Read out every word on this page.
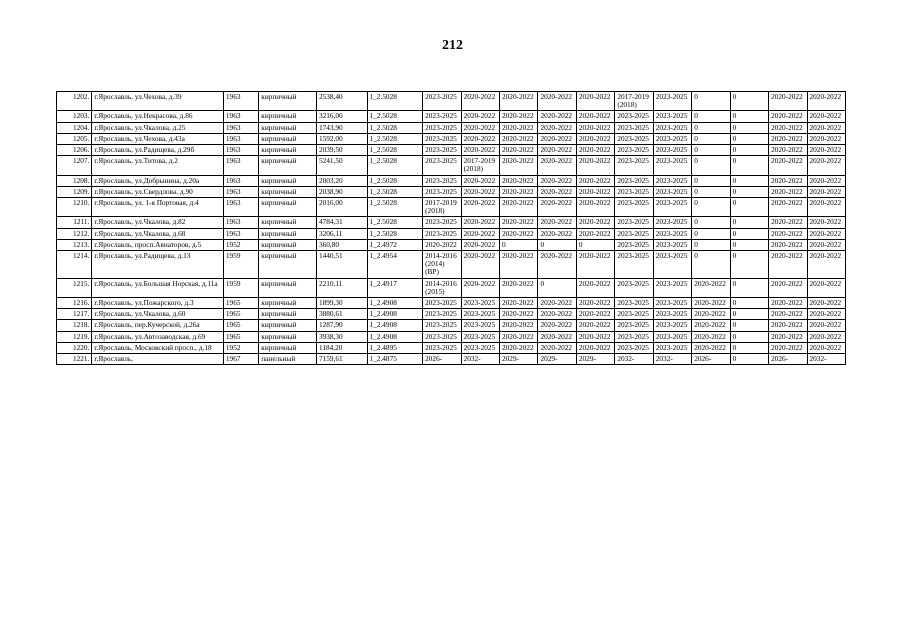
212
1202.	г.Ярославль, ул.Чехова, д.39	1963	кирпичный	2538,40	1_2.5028	2023-2025	2020-2022	2020-2022	2020-2022	2020-2022	2017-2019 (2018)	2023-2025	0	0	2020-2022	2020-2022
1203.	г.Ярославль, ул.Некрасова, д.86	1963	кирпичный	3216,00	1_2.5028	2023-2025	2020-2022	2020-2022	2020-2022	2020-2022	2023-2025	2023-2025	0	0	2020-2022	2020-2022
1204.	г.Ярославль, ул.Чкалова, д.25	1963	кирпичный	1743,90	1_2.5028	2023-2025	2020-2022	2020-2022	2020-2022	2020-2022	2023-2025	2023-2025	0	0	2020-2022	2020-2022
1205.	г.Ярославль, ул.Чехова, д.43а	1963	кирпичный	1592,00	1_2.5028	2023-2025	2020-2022	2020-2022	2020-2022	2020-2022	2023-2025	2023-2025	0	0	2020-2022	2020-2022
1206.	г.Ярославль, ул.Радищева, д.29б	1963	кирпичный	2039,50	1_2.5028	2023-2025	2020-2022	2020-2022	2020-2022	2020-2022	2023-2025	2023-2025	0	0	2020-2022	2020-2022
1207.	г.Ярославль, ул.Титова, д.2	1963	кирпичный	5241,50	1_2.5028	2023-2025	2017-2019 (2018)	2020-2022	2020-2022	2020-2022	2023-2025	2023-2025	0	0	2020-2022	2020-2022
1208.	г.Ярославль, ул.Добрынина, д.20а	1963	кирпичный	2003,20	1_2.5028	2023-2025	2020-2022	2020-2022	2020-2022	2020-2022	2023-2025	2023-2025	0	0	2020-2022	2020-2022
1209.	г.Ярославль, ул.Свердлова, д.90	1963	кирпичный	2038,90	1_2.5028	2023-2025	2020-2022	2020-2022	2020-2022	2020-2022	2023-2025	2023-2025	0	0	2020-2022	2020-2022
1210.	г.Ярославль, ул. 1-я Портовая, д.4	1963	кирпичный	2016,00	1_2.5028	2017-2019 (2018)	2020-2022	2020-2022	2020-2022	2020-2022	2023-2025	2023-2025	0	0	2020-2022	2020-2022
1211.	г.Ярославль, ул.Чкалова, д.82	1963	кирпичный	4784,31	1_2.5028	2023-2025	2020-2022	2020-2022	2020-2022	2020-2022	2023-2025	2023-2025	0	0	2020-2022	2020-2022
1212.	г.Ярославль, ул.Чкалова, д.68	1963	кирпичный	3206,11	1_2.5028	2023-2025	2020-2022	2020-2022	2020-2022	2020-2022	2023-2025	2023-2025	0	0	2020-2022	2020-2022
1213.	г.Ярославль, просп.Авиаторов, д.5	1952	кирпичный	360,80	1_2.4972	2020-2022	2020-2022	0	0	0	2023-2025	2023-2025	0	0	2020-2022	2020-2022
1214.	г.Ярославль, ул.Радищева, д.13	1959	кирпичный	1440,51	1_2.4954	2014-2016 (2014) (ВР)	2020-2022	2020-2022	2020-2022	2020-2022	2023-2025	2023-2025	0	0	2020-2022	2020-2022
1215.	г.Ярославль, ул.Большая Норская, д.11а	1959	кирпичный	2210,11	1_2.4917	2014-2016 (2015)	2020-2022	2020-2022	0	2020-2022	2023-2025	2023-2025	2020-2022	0	2020-2022	2020-2022
1216.	г.Ярославль, ул.Пожарского, д.3	1965	кирпичный	1899,30	1_2.4908	2023-2025	2023-2025	2020-2022	2020-2022	2020-2022	2023-2025	2023-2025	2020-2022	0	2020-2022	2020-2022
1217.	г.Ярославль, ул.Чкалова, д.60	1965	кирпичный	3880,61	1_2.4908	2023-2025	2023-2025	2020-2022	2020-2022	2020-2022	2023-2025	2023-2025	2020-2022	0	2020-2022	2020-2022
1218.	г.Ярославль, пер.Кучерской, д.26а	1965	кирпичный	1287,90	1_2.4908	2023-2025	2023-2025	2020-2022	2020-2022	2020-2022	2023-2025	2023-2025	2020-2022	0	2020-2022	2020-2022
1219.	г.Ярославль, ул.Автозаводская, д.69	1965	кирпичный	3938,30	1_2.4908	2023-2025	2023-2025	2020-2022	2020-2022	2020-2022	2023-2025	2023-2025	2020-2022	0	2020-2022	2020-2022
1220.	г.Ярославль, Московский просп., д.18	1952	кирпичный	1184,20	1_2.4895	2023-2025	2023-2025	2020-2022	2020-2022	2020-2022	2023-2025	2023-2025	2020-2022	0	2020-2022	2020-2022
1221.	г.Ярославль,	1967	панельный	7159,61	1_2.4875	2026-	2032-	2029-	2029-	2029-	2032-	2032-	2026-	0	2026-	2032-
